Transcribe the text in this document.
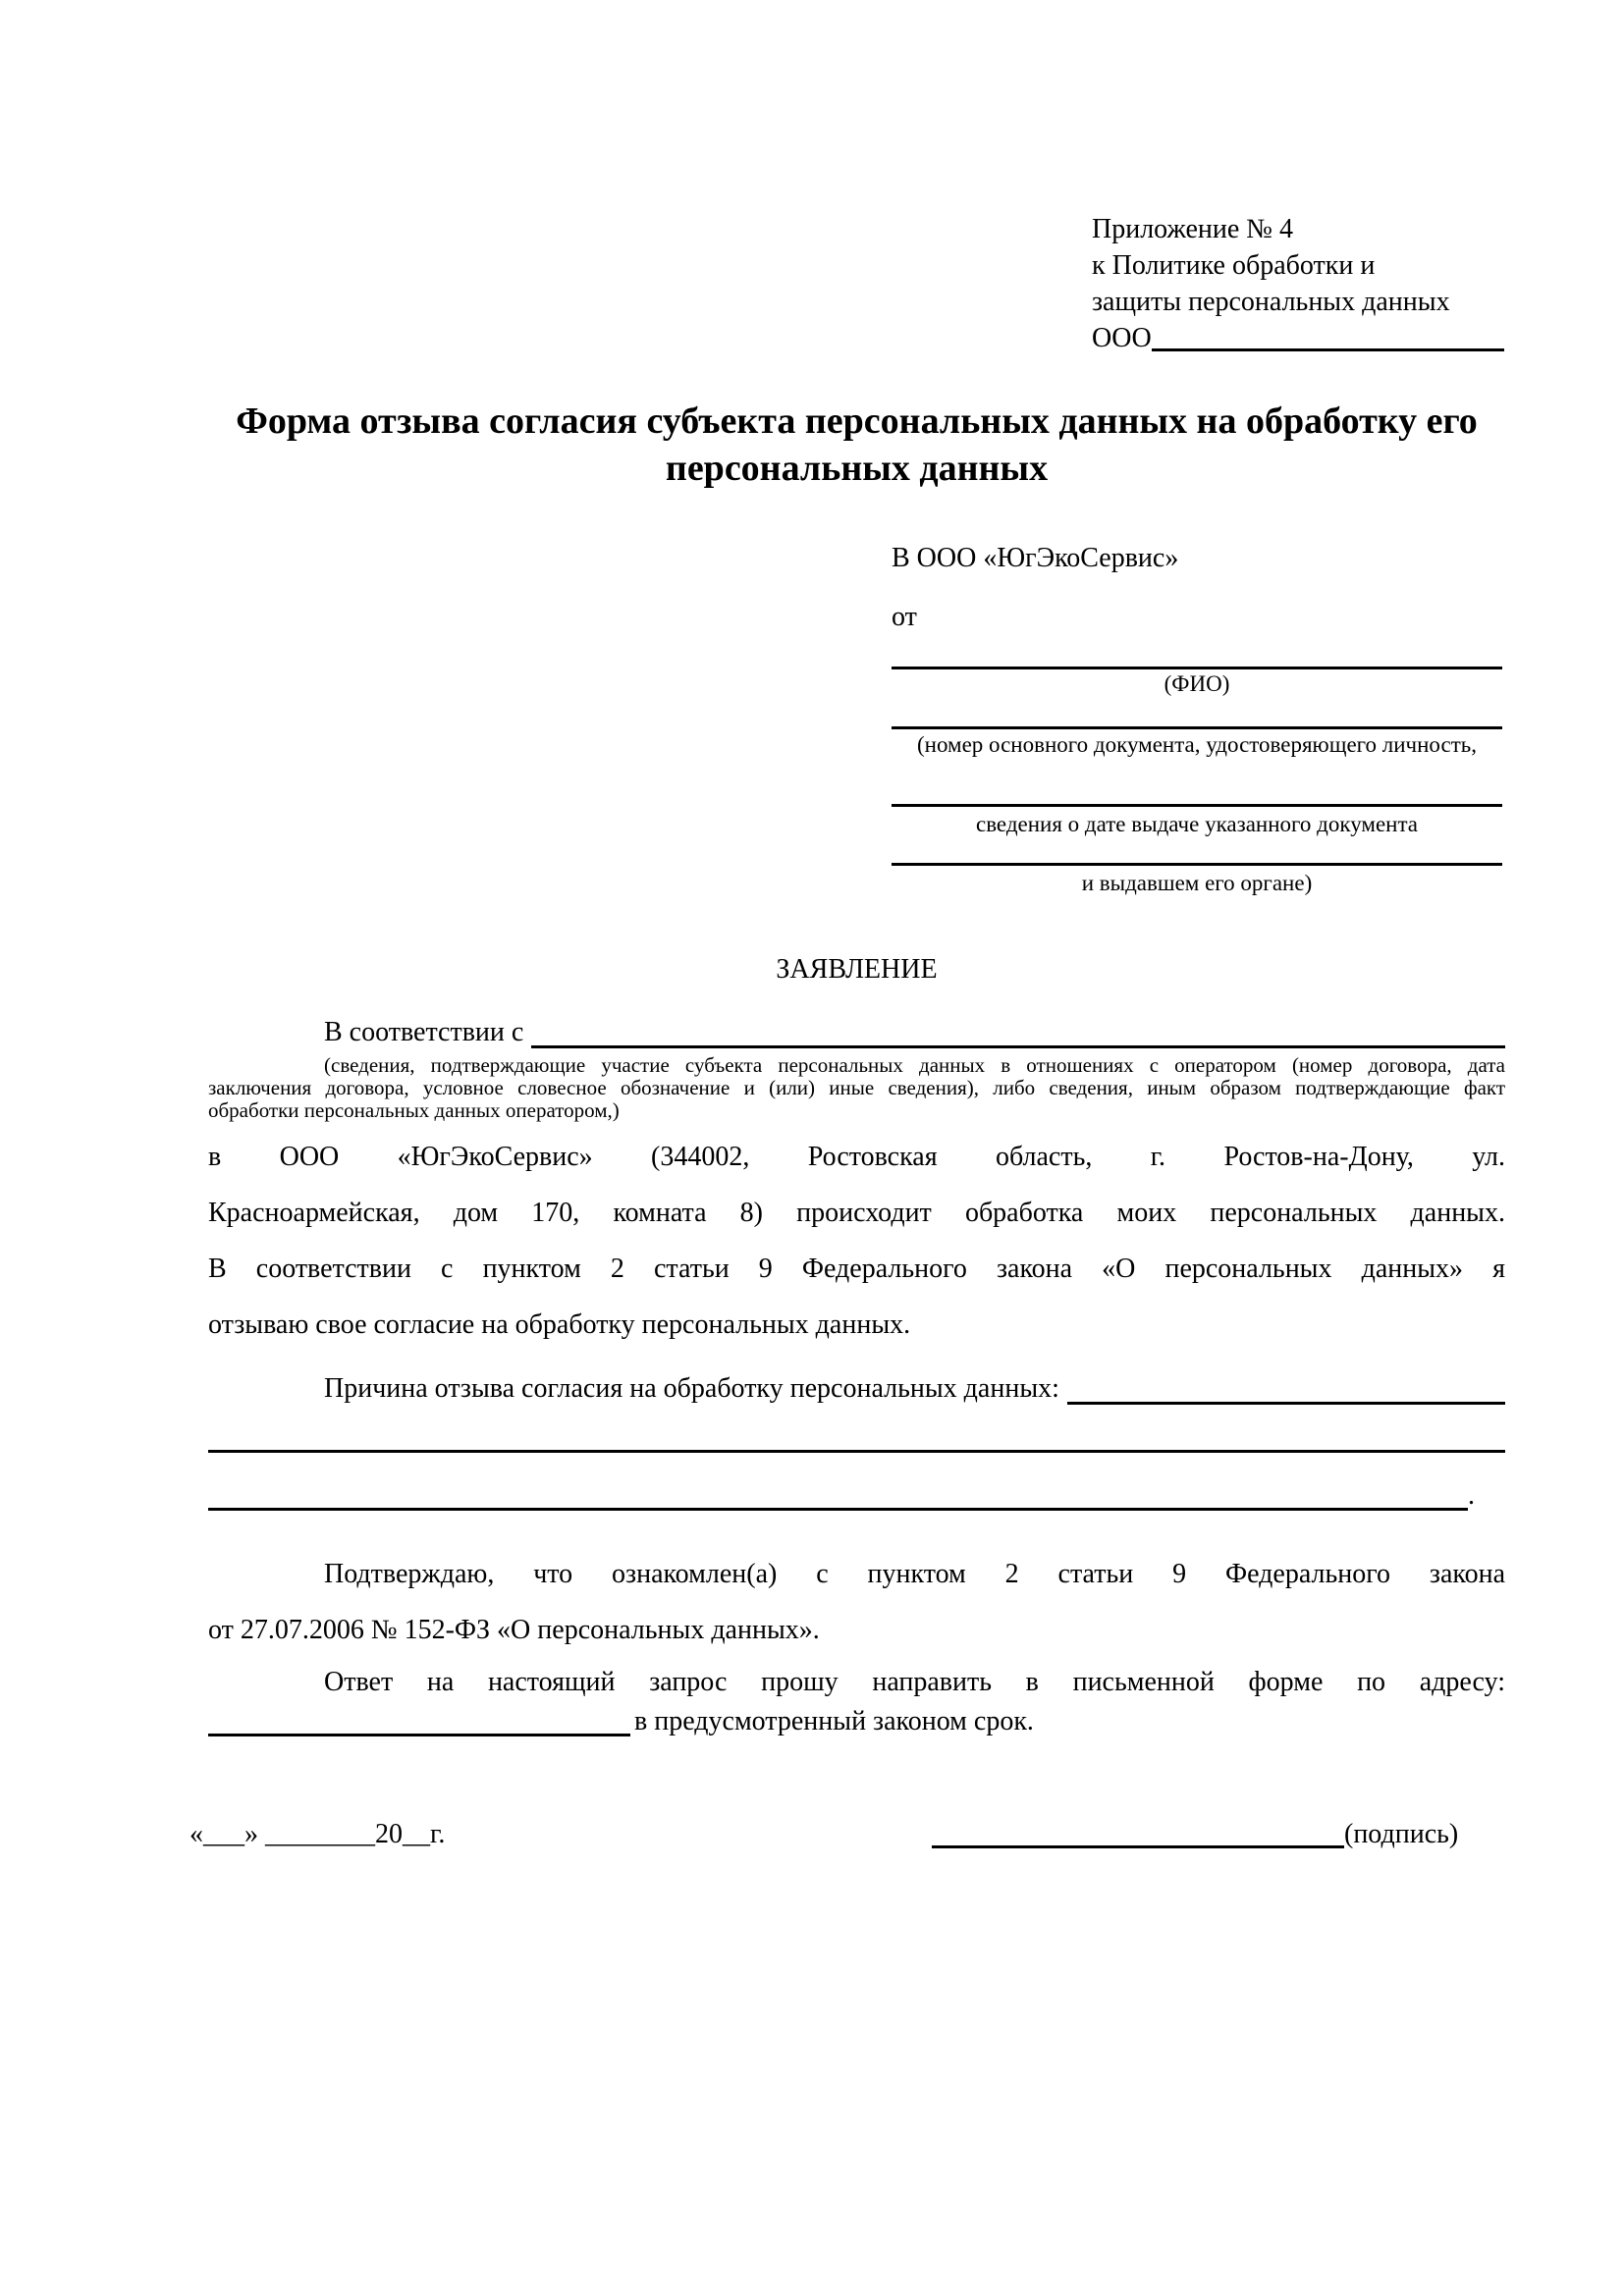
Приложение № 4
к Политике обработки и
защиты персональных данных
ООО
Форма отзыва согласия субъекта персональных данных на обработку его персональных данных
В ООО «ЮгЭкоСервис»
от
(ФИО)
(номер основного документа, удостоверяющего личность,
сведения о дате выдаче указанного документа
и выдавшем его органе)
ЗАЯВЛЕНИЕ
В соответствии с
(сведения, подтверждающие участие субъекта персональных данных в отношениях с оператором (номер договора, дата
заключения договора, условное словесное обозначение и (или) иные сведения), либо сведения, иным образом подтверждающие факт
обработки персональных данных оператором,)
в ООО «ЮгЭкоСервис» (344002, Ростовская область, г. Ростов-на-Дону, ул.
Красноармейская, дом 170, комната 8) происходит обработка моих персональных данных.
В соответствии с пунктом 2 статьи 9 Федерального закона «О персональных данных» я
отзываю свое согласие на обработку персональных данных.
Причина отзыва согласия на обработку персональных данных:
.
Подтверждаю, что ознакомлен(а) с пунктом 2 статьи 9 Федерального закона
от 27.07.2006 № 152-ФЗ «О персональных данных».
Ответ на настоящий запрос прошу направить в письменной форме по адресу:
в предусмотренный законом срок.
«___» ________20__г.	(подпись)
